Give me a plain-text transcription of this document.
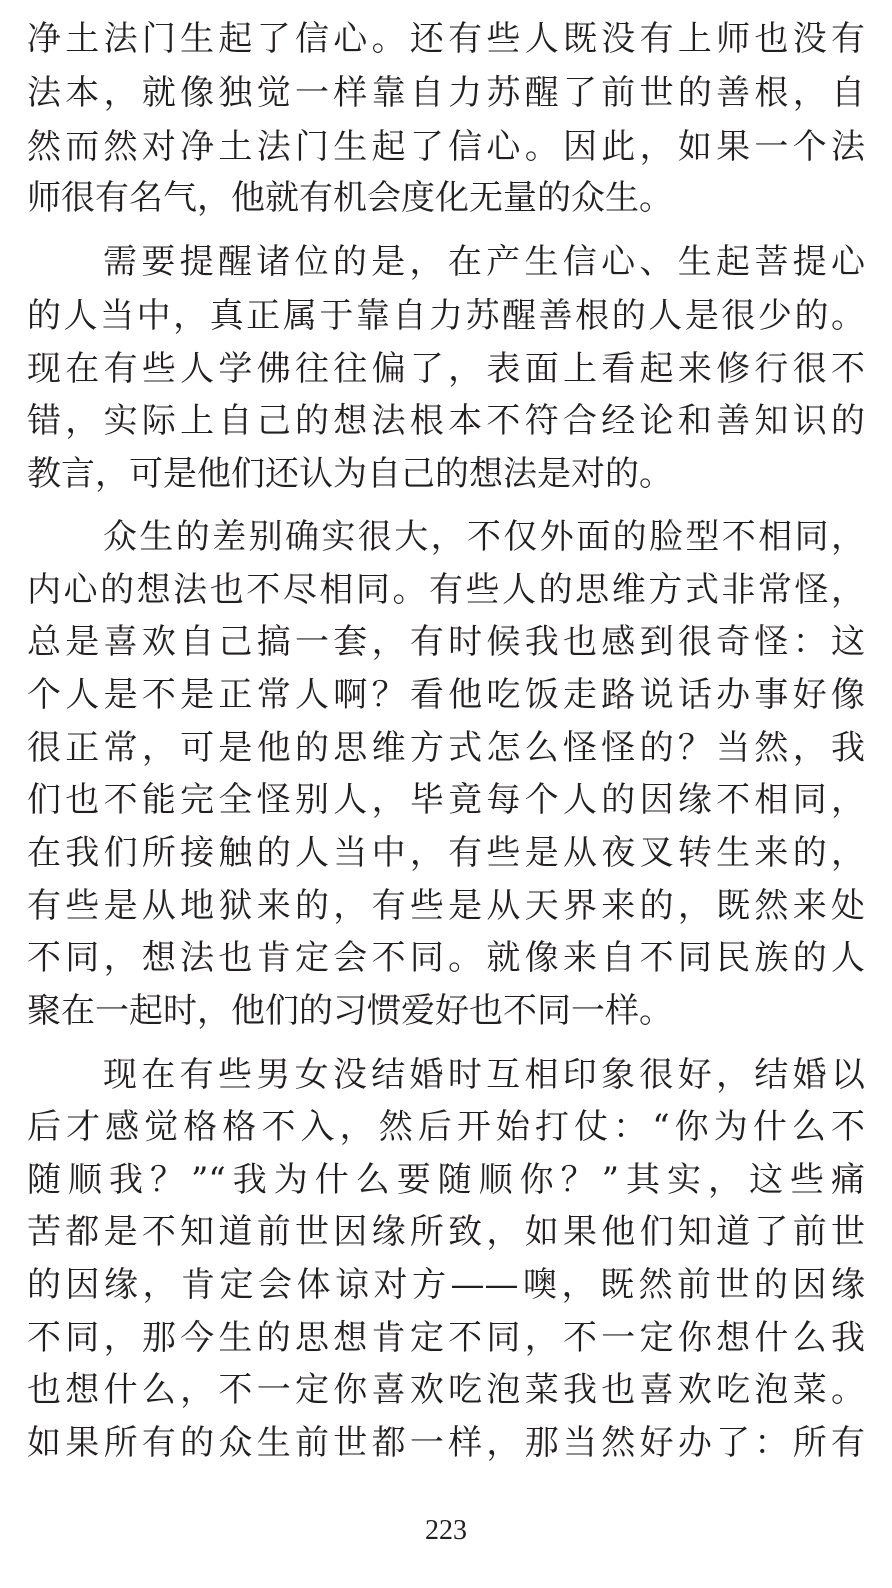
净土法门生起了信心。还有些人既没有上师也没有
法本，就像独觉一样靠自力苏醒了前世的善根，自
然而然对净土法门生起了信心。因此，如果一个法
师很有名气，他就有机会度化无量的众生。
需要提醒诸位的是，在产生信心、生起菩提心
的人当中，真正属于靠自力苏醒善根的人是很少的。
现在有些人学佛往往偏了，表面上看起来修行很不
错，实际上自己的想法根本不符合经论和善知识的
教言，可是他们还认为自己的想法是对的。
众生的差别确实很大，不仅外面的脸型不相同，
内心的想法也不尽相同。有些人的思维方式非常怪，
总是喜欢自己搞一套，有时候我也感到很奇怪：这
个人是不是正常人啊？看他吃饭走路说话办事好像
很正常，可是他的思维方式怎么怪怪的？当然，我
们也不能完全怪别人，毕竟每个人的因缘不相同，
在我们所接触的人当中，有些是从夜叉转生来的，
有些是从地狱来的，有些是从天界来的，既然来处
不同，想法也肯定会不同。就像来自不同民族的人
聚在一起时，他们的习惯爱好也不同一样。
现在有些男女没结婚时互相印象很好，结婚以
后才感觉格格不入，然后开始打仗：“你为什么不
随顺我？”“我为什么要随顺你？”其实，这些痛
苦都是不知道前世因缘所致，如果他们知道了前世
的因缘，肯定会体谅对方——噢，既然前世的因缘
不同，那今生的思想肯定不同，不一定你想什么我
也想什么，不一定你喜欢吃泡菜我也喜欢吃泡菜。
如果所有的众生前世都一样，那当然好办了：所有
223
